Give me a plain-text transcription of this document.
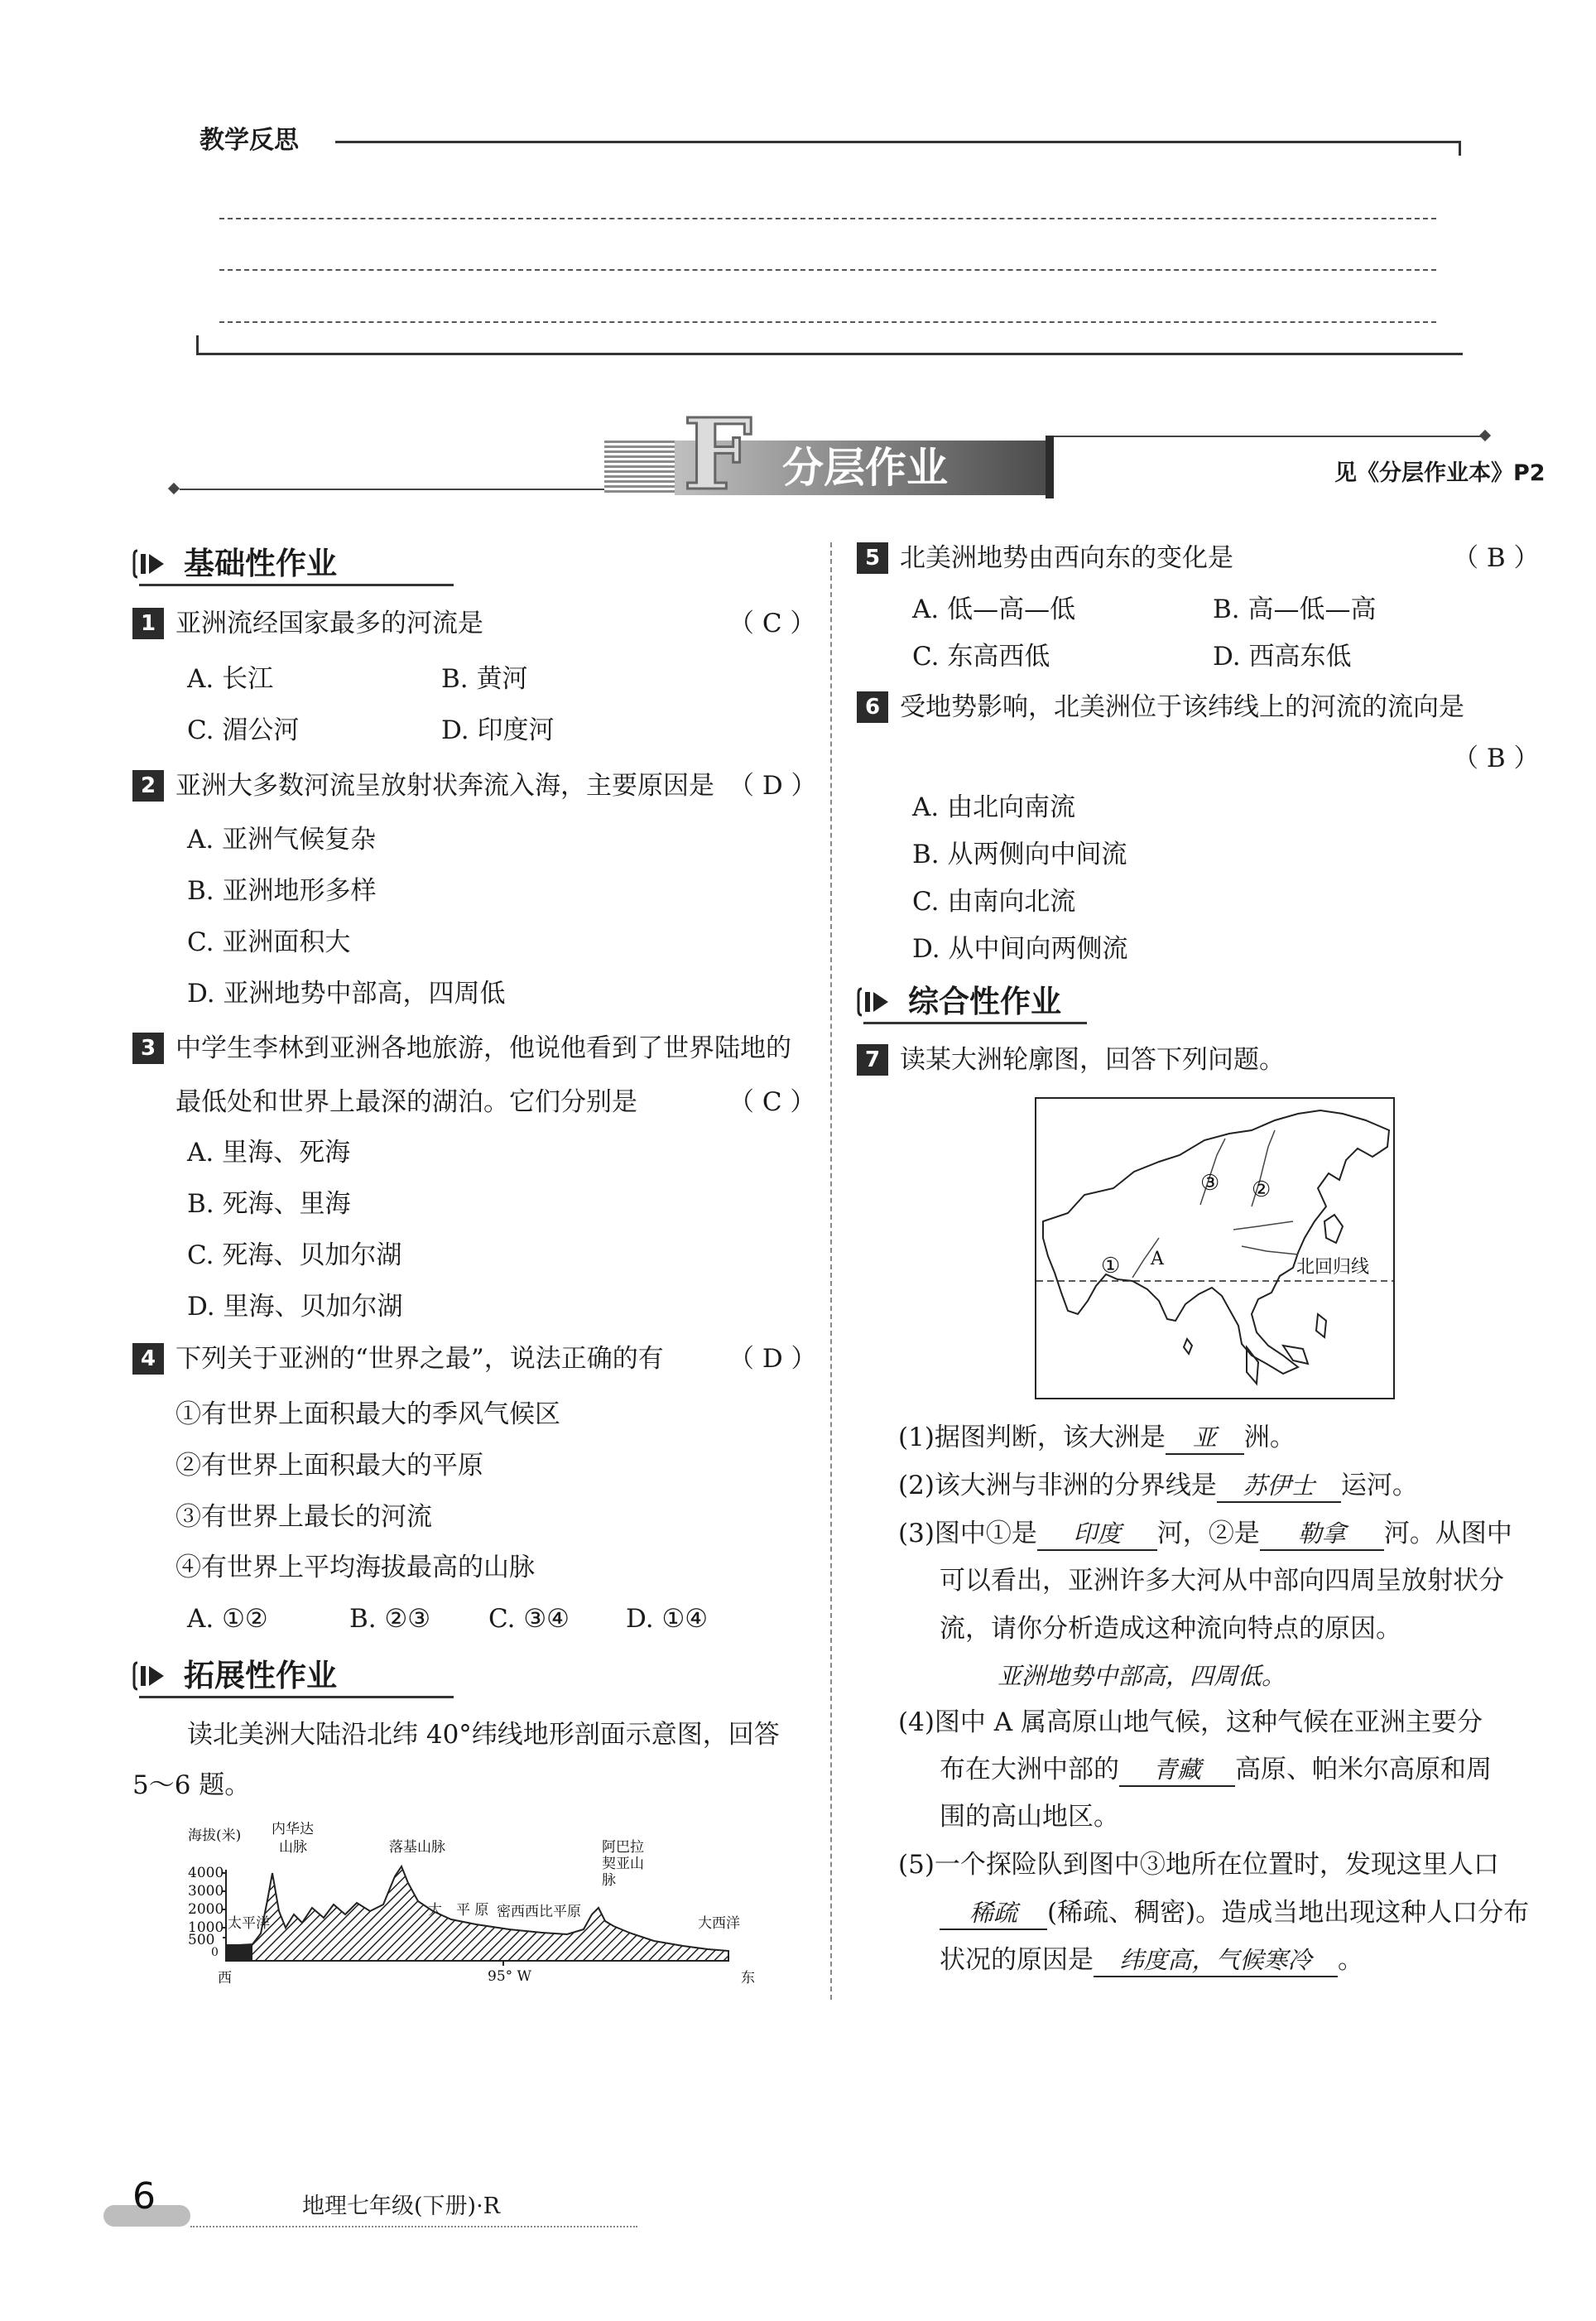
教学反思
F 分层作业	见《分层作业本》P2
基础性作业
1 亚洲流经国家最多的河流是	（ C ）
A. 长江	B. 黄河
C. 湄公河	D. 印度河
2 亚洲大多数河流呈放射状奔流入海，主要原因是 （ D ）
A. 亚洲气候复杂
B. 亚洲地形多样
C. 亚洲面积大
D. 亚洲地势中部高，四周低
3 中学生李林到亚洲各地旅游，他说他看到了世界陆地的
最低处和世界上最深的湖泊。它们分别是	（ C ）
A. 里海、死海
B. 死海、里海
C. 死海、贝加尔湖
D. 里海、贝加尔湖
4 下列关于亚洲的“世界之最”，说法正确的有	（ D ）
①有世界上面积最大的季风气候区
②有世界上面积最大的平原
③有世界上最长的河流
④有世界上平均海拔最高的山脉
A. ①②	B. ②③ C. ③④ D. ①④
拓展性作业
读北美洲大陆沿北纬 40°纬线地形剖面示意图，回答
5～6 题。
海拔(米)
4000
3000
2000
1000
500
0
内华达
山脉	落基山脉
太平洋
大　平 原 密西西比平原
阿巴拉
契亚山
脉
大西洋
西	95° W	东
5 北美洲地势由西向东的变化是	（ B ）
A. 低—高—低	B. 高—低—高
C. 东高西低	D. 西高东低
6 受地势影响，北美洲位于该纬线上的河流的流向是
（ B ）
A. 由北向南流
B. 从两侧向中间流
C. 由南向北流
D. 从中间向两侧流
综合性作业
7 读某大洲轮廓图，回答下列问题。
①
②
③
A	北回归线
(1)据图判断，该大洲是 亚 洲。
(2)该大洲与非洲的分界线是 苏伊士 运河。
(3)图中①是 印度 河，②是 勒拿 河。从图中
可以看出，亚洲许多大河从中部向四周呈放射状分
流，请你分析造成这种流向特点的原因。
亚洲地势中部高，四周低。
(4)图中 A 属高原山地气候，这种气候在亚洲主要分
布在大洲中部的 青藏 高原、帕米尔高原和周
围的高山地区。
(5)一个探险队到图中③地所在位置时，发现这里人口
稀疏 (稀疏、稠密)。造成当地出现这种人口分布
状况的原因是 纬度高，气候寒冷 。
6	地理七年级(下册)·R
